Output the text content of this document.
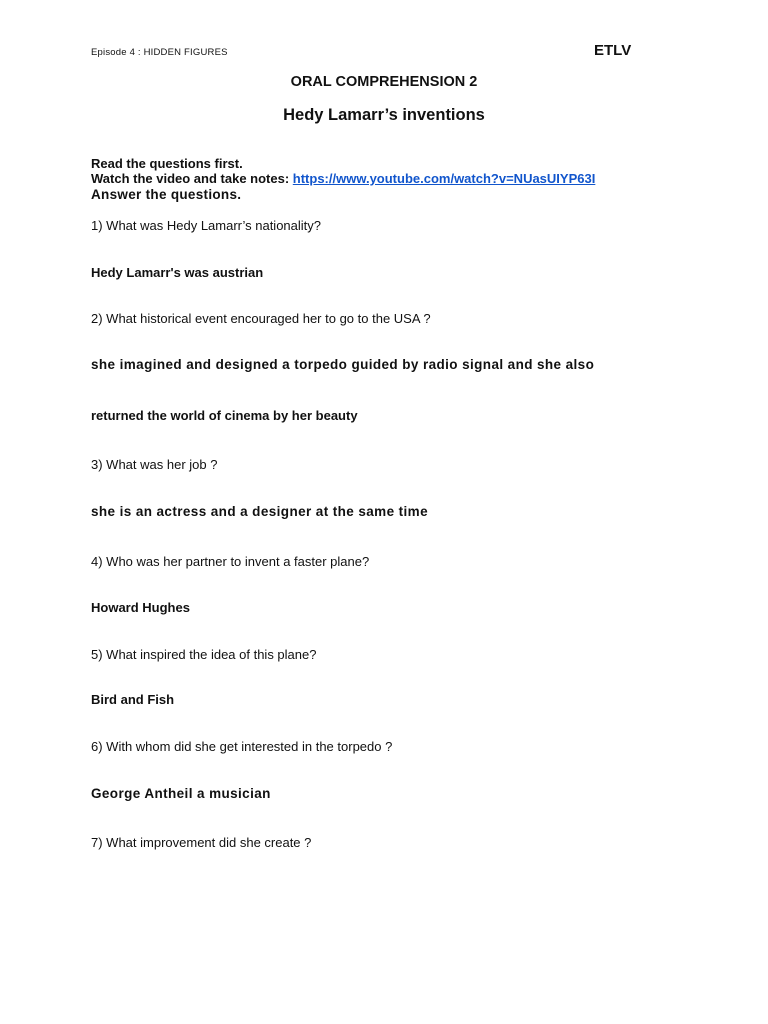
Episode 4 : HIDDEN FIGURES	ETLV
ORAL COMPREHENSION 2
Hedy Lamarr’s inventions
Read the questions first.
Watch the video and take notes: https://www.youtube.com/watch?v=NUasUIYP63I
Answer the questions.
1) What was Hedy Lamarr’s nationality?
Hedy Lamarr's was austrian
2) What historical event encouraged her to go to the USA ?
she imagined and designed a torpedo guided by radio signal and she also
returned the world of cinema by her beauty
3) What was her job ?
she is an actress and a designer at the same time
4) Who was her partner to invent a faster plane?
Howard Hughes
5) What inspired the idea of this plane?
Bird and Fish
6) With whom did she get interested in the torpedo ?
George Antheil a musician
7) What improvement did she create ?
